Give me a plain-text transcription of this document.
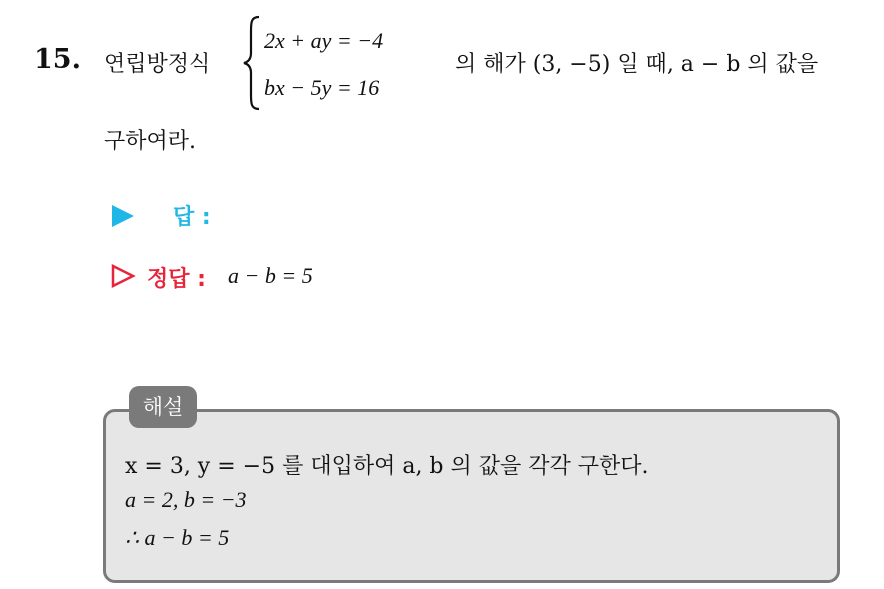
15. 연립방정식
2x + ay = −4
bx − 5y = 16
의 해가 (3, −5) 일 때, a − b 의 값을
구하여라.
답 :
정답 : a − b = 5
해설
x = 3, y = −5 를 대입하여 a, b 의 값을 각각 구한다.
a = 2, b = −3
∴ a − b = 5
